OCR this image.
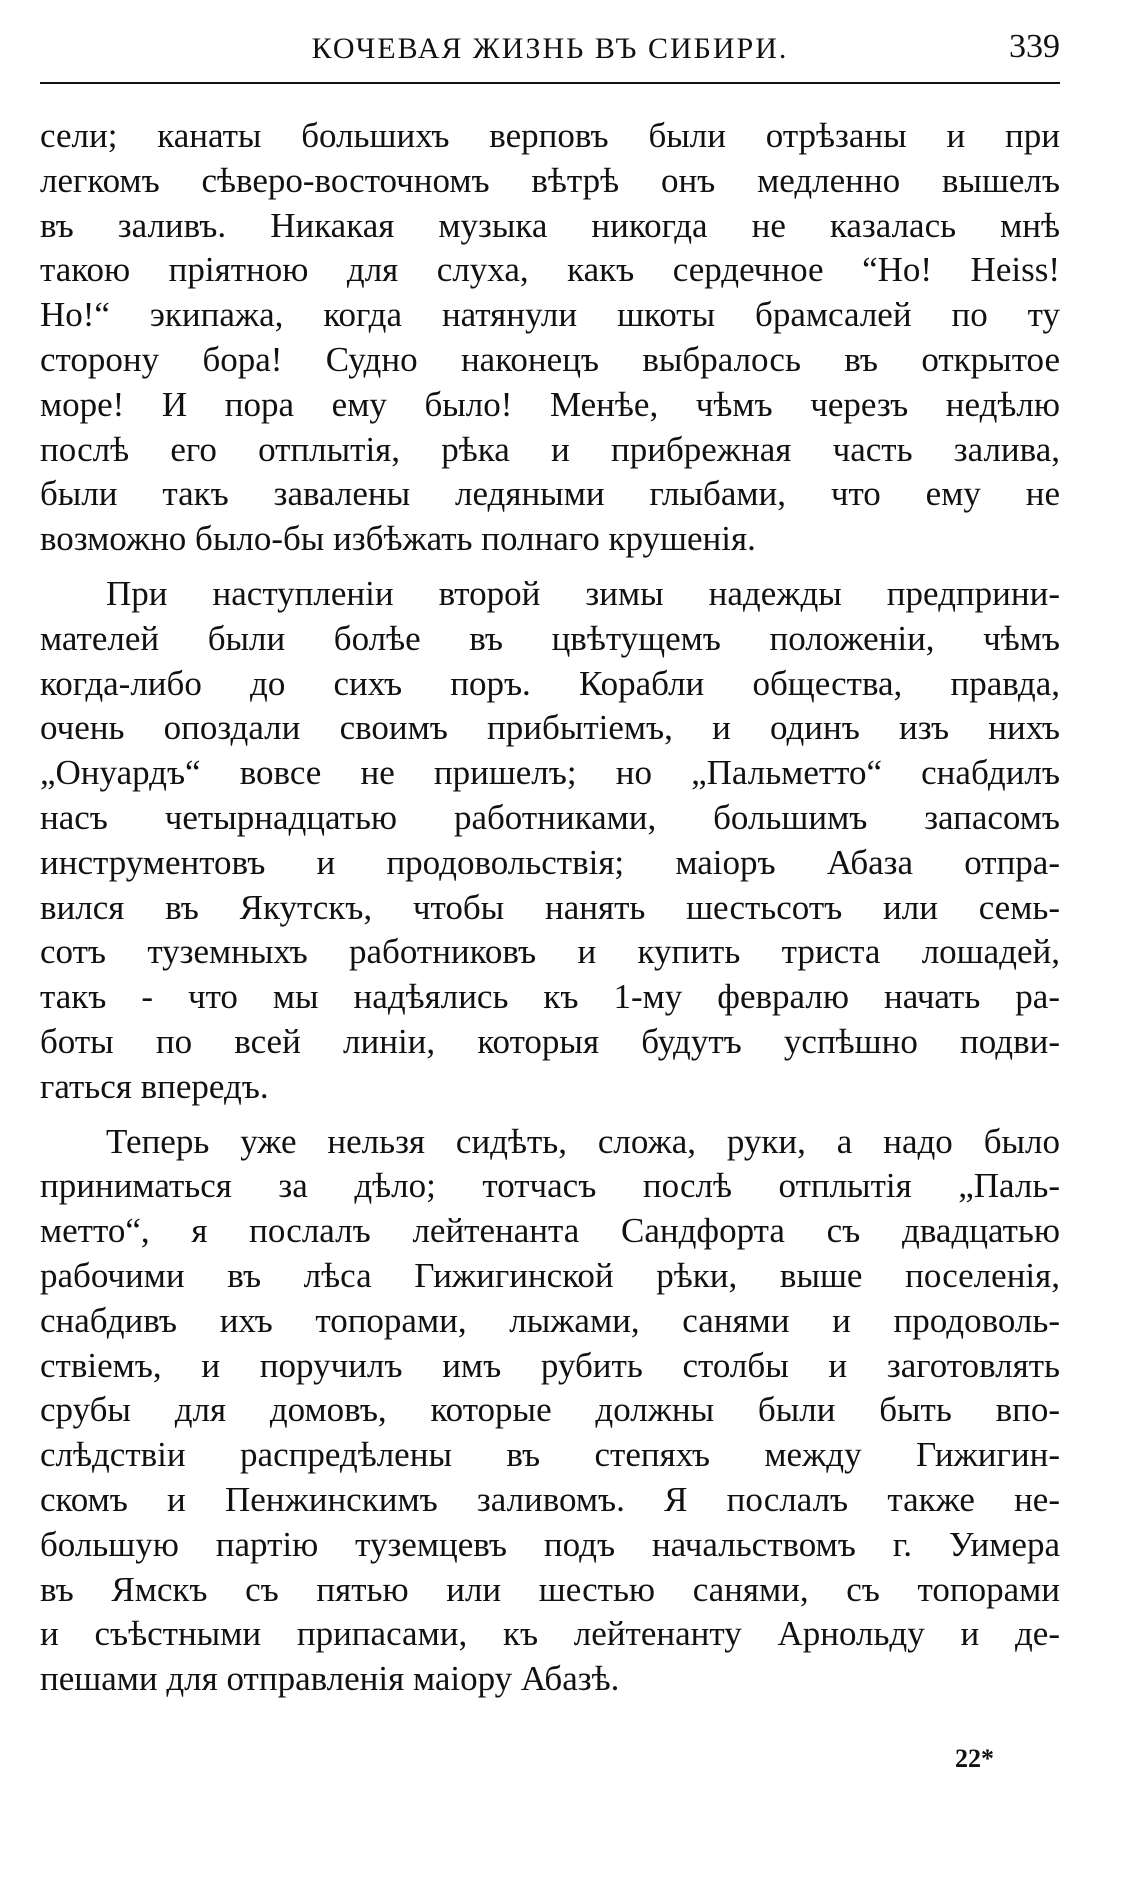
КОЧЕВАЯ ЖИЗНЬ ВЪ СИБИРИ.	339
сели; канаты большихъ верповъ были отрѣзаны и при
легкомъ сѣверо-восточномъ вѣтрѣ онъ медленно вышелъ
въ заливъ. Никакая музыка никогда не казалась мнѣ
такою пріятною для слуха, какъ сердечное “Ho! Heiss!
Ho!“ экипажа, когда натянули шкоты брамсалей по ту
сторону бора! Судно наконецъ выбралось въ открытое
море! И пора ему было! Менѣе, чѣмъ черезъ недѣлю
послѣ его отплытія, рѣка и прибрежная часть залива,
были такъ завалены ледяными глыбами, что ему не
возможно было-бы избѣжать полнаго крушенія.
При наступленіи второй зимы надежды предприни-
мателей были болѣе въ цвѣтущемъ положеніи, чѣмъ
когда-либо до сихъ поръ. Корабли общества, правда,
очень опоздали своимъ прибытіемъ, и одинъ изъ нихъ
„Онуардъ“ вовсе не пришелъ; но „Пальметто“ снабдилъ
насъ четырнадцатью работниками, большимъ запасомъ
инструментовъ и продовольствія; маіоръ Абаза отпра-
вился въ Якутскъ, чтобы нанять шестьсотъ или семь-
сотъ туземныхъ работниковъ и купить триста лошадей,
такъ - что мы надѣялись къ 1-му февралю начать ра-
боты по всей линіи, которыя будутъ успѣшно подви-
гаться впередъ.
Теперь уже нельзя сидѣть, сложа, руки, а надо было
приниматься за дѣло; тотчасъ послѣ отплытія „Паль-
метто“, я послалъ лейтенанта Сандфорта съ двадцатью
рабочими въ лѣса Гижигинской рѣки, выше поселенія,
снабдивъ ихъ топорами, лыжами, санями и продоволь-
ствіемъ, и поручилъ имъ рубить столбы и заготовлять
срубы для домовъ, которые должны были быть впо-
слѣдствіи распредѣлены въ степяхъ между Гижигин-
скомъ и Пенжинскимъ заливомъ. Я послалъ также не-
большую партію туземцевъ подъ начальствомъ г. Уимера
въ Ямскъ съ пятью или шестью санями, съ топорами
и съѣстными припасами, къ лейтенанту Арнольду и де-
пешами для отправленія маіору Абазѣ.
22*
